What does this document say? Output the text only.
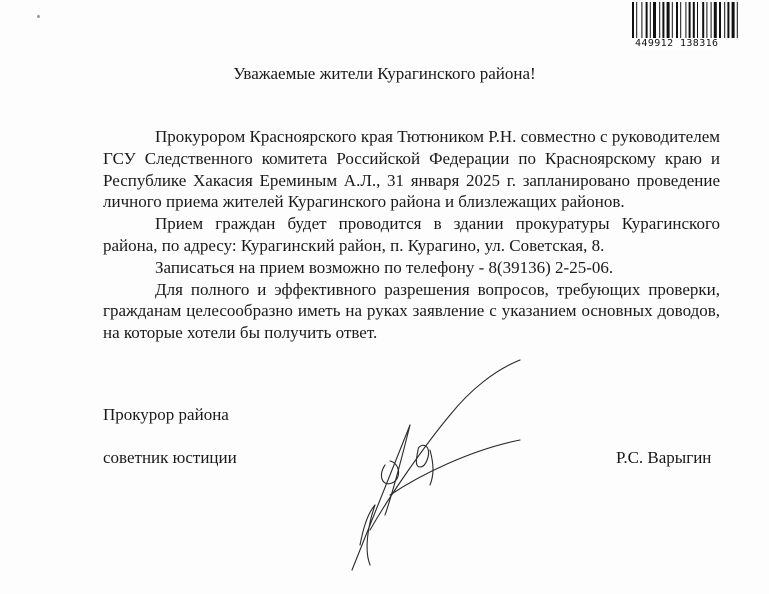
449912 138316
Уважаемые жители Курагинского района!

Прокурором Красноярского края Тютюником Р.Н. совместно с руководителем ГСУ Следственного комитета Российской Федерации по Красноярскому краю и Республике Хакасия Ереминым А.Л., 31 января 2025 г. запланировано проведение личного приема жителей Курагинского района и близлежащих районов.

Прием граждан будет проводится в здании прокуратуры Курагинского района, по адресу: Курагинский район, п. Курагино, ул. Советская, 8.

Записаться на прием возможно по телефону - 8(39136) 2-25-06.

Для полного и эффективного разрешения вопросов, требующих проверки, гражданам целесообразно иметь на руках заявление с указанием основных доводов, на которые хотели бы получить ответ.

Прокурор района
советник юстиции	Р.С. Варыгин
